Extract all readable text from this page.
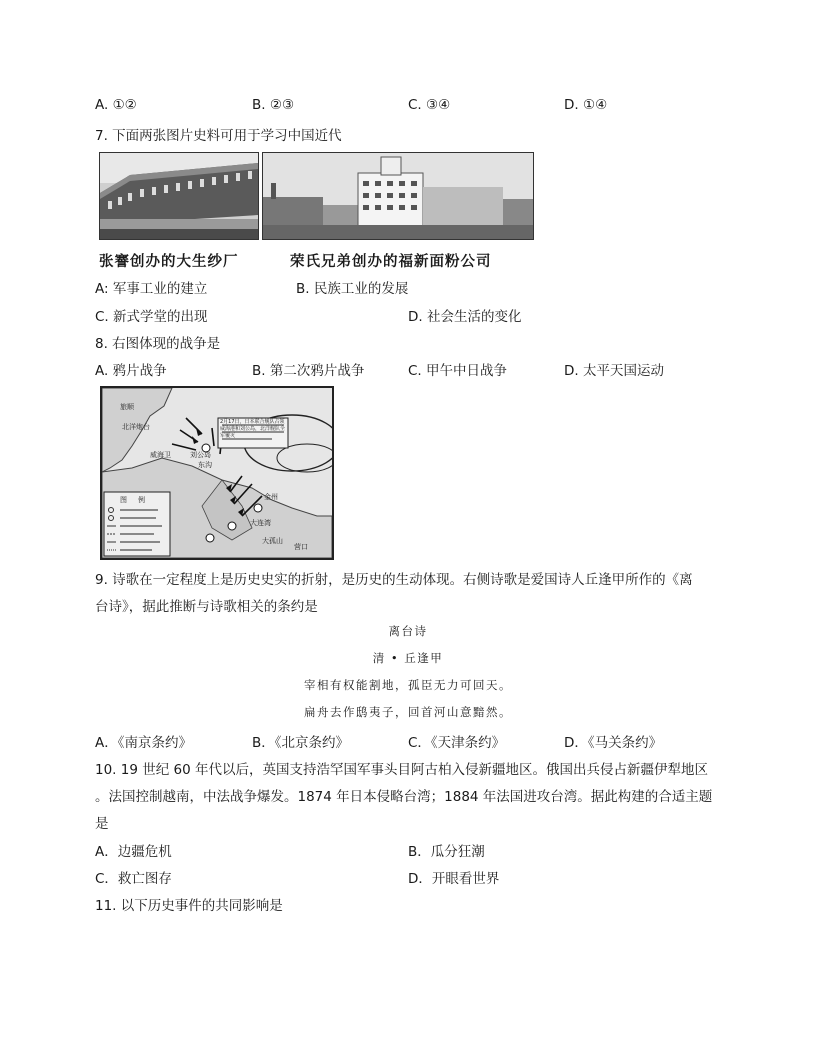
A. ①②	B. ②③	C. ③④	D. ①④
7. 下面两张图片史料可用于学习中国近代
张謇创办的大生纱厂	荣氏兄弟创办的福新面粉公司
A: 军事工业的建立	B. 民族工业的发展
C. 新式学堂的出现	D. 社会生活的变化
8. 右图体现的战争是
A. 鸦片战争	B. 第二次鸦片战争	C. 甲午中日战争	D. 太平天国运动
图　例
2月17日，日本联合舰队占领威海港和刘公岛，北洋舰队全军覆灭
旅顺
北洋炮台
刘公岛
威海卫
金州
大连湾
大孤山
东沟
营口
9. 诗歌在一定程度上是历史史实的折射，是历史的生动体现。右侧诗歌是爱国诗人丘逢甲所作的《离
台诗》，据此推断与诗歌相关的条约是
离台诗
清 • 丘逢甲
宰相有权能割地，孤臣无力可回天。
扁舟去作鸱夷子，回首河山意黯然。
A．《南京条约》	B．《北京条约》	C．《天津条约》	D．《马关条约》
10. 19 世纪 60 年代以后，英国支持浩罕国军事头目阿古柏入侵新疆地区。俄国出兵侵占新疆伊犁地区
。法国控制越南，中法战争爆发。1874 年日本侵略台湾；1884 年法国进攻台湾。据此构建的合适主题
是
A．边疆危机	B．瓜分狂潮
C．救亡图存	D．开眼看世界
11. 以下历史事件的共同影响是
